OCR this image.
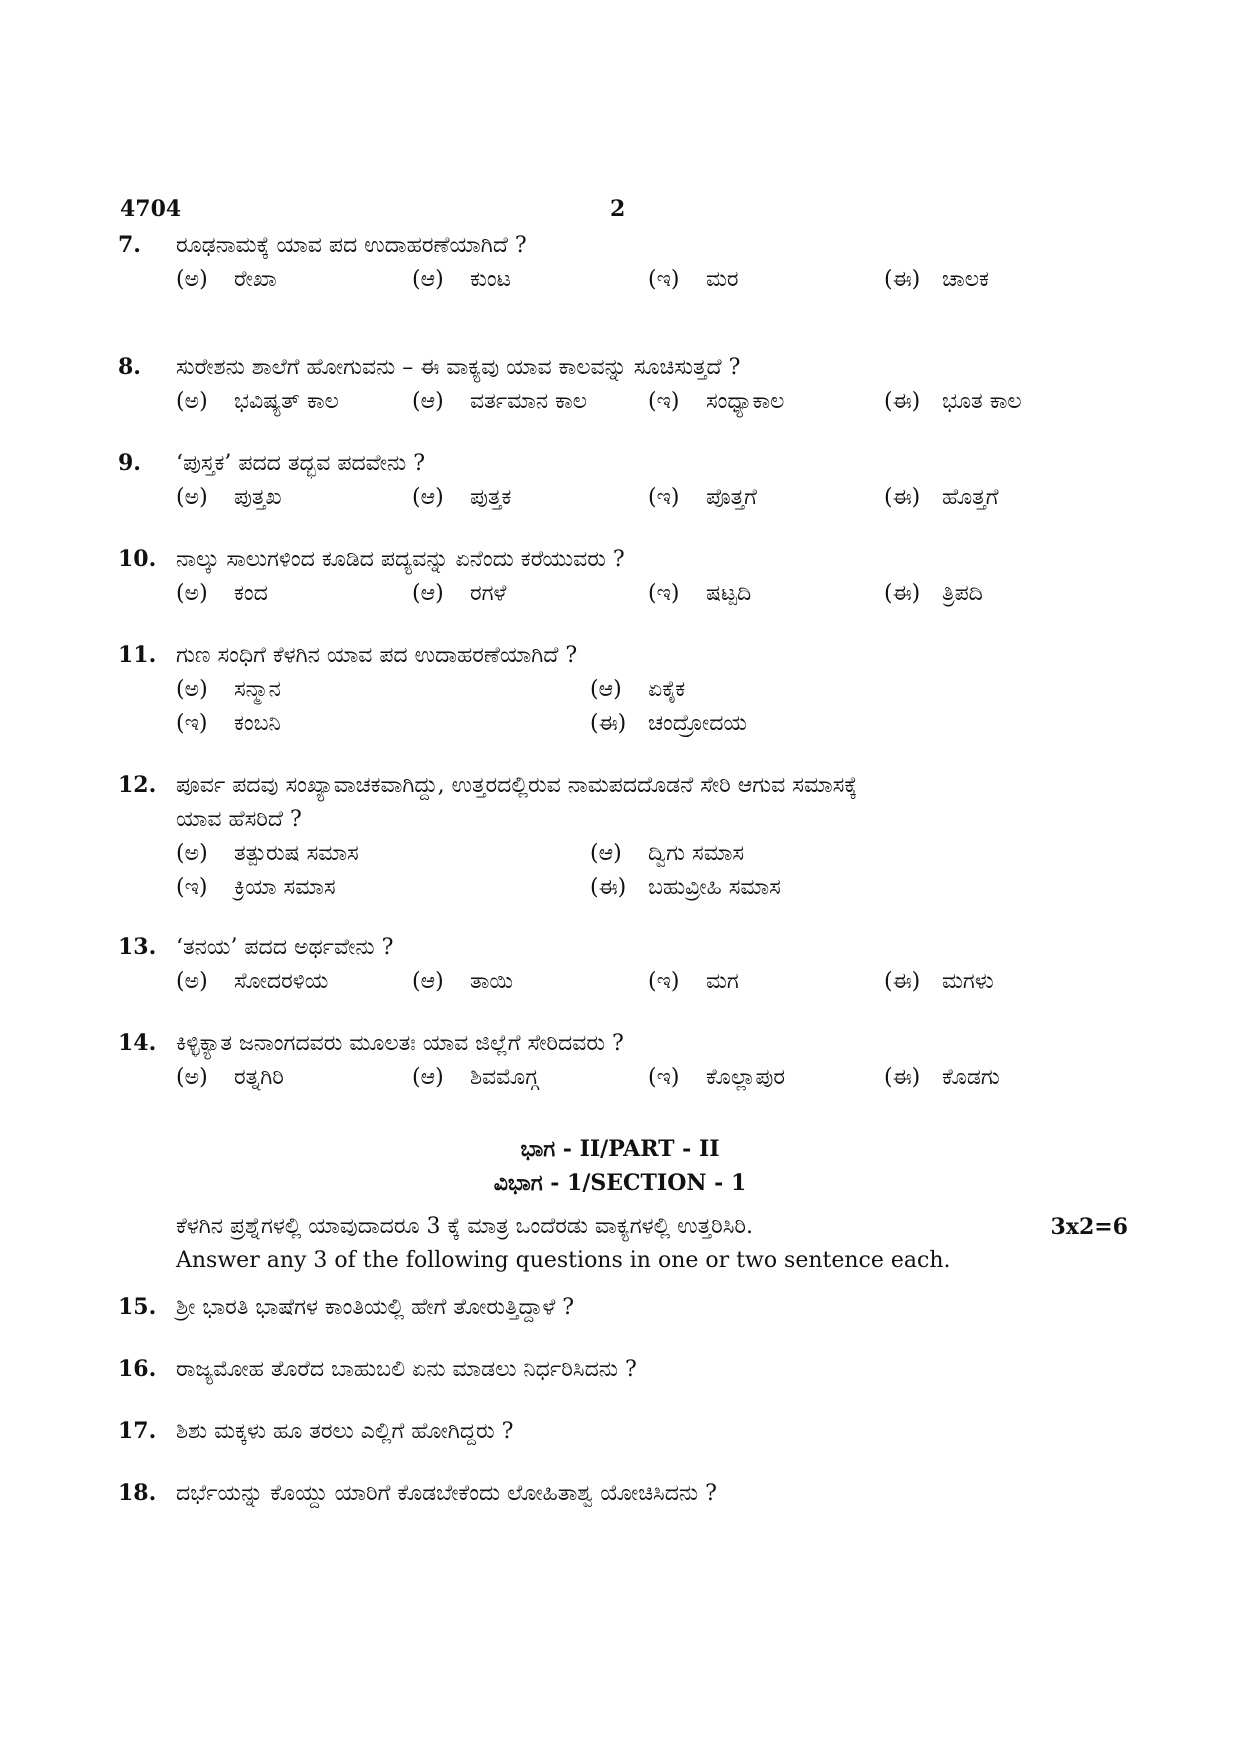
4704	2
7.	ರೂಢನಾಮಕ್ಕೆ ಯಾವ ಪದ ಉದಾಹರಣೆಯಾಗಿದೆ ?
(ಅ)	ರೇಖಾ	(ಆ)	ಕುಂಟ	(ಇ)	ಮರ	(ಈ) ಚಾಲಕ
8.	ಸುರೇಶನು ಶಾಲೆಗೆ ಹೋಗುವನು – ಈ ವಾಕ್ಯವು ಯಾವ ಕಾಲವನ್ನು ಸೂಚಿಸುತ್ತದೆ ?
(ಅ)	ಭವಿಷ್ಯತ್ ಕಾಲ	(ಆ)	ವರ್ತಮಾನ ಕಾಲ	(ಇ)	ಸಂಧ್ಯಾಕಾಲ	(ಈ) ಭೂತ ಕಾಲ
9.	‘ಪುಸ್ತಕ’ ಪದದ ತದ್ಭವ ಪದವೇನು ?
(ಅ)	ಪುತ್ತಖ	(ಆ)	ಪುತ್ತಕ	(ಇ)	ಪೊತ್ತಗೆ	(ಈ) ಹೊತ್ತಗೆ
10. ನಾಲ್ಕು ಸಾಲುಗಳಿಂದ ಕೂಡಿದ ಪದ್ಯವನ್ನು ಏನೆಂದು ಕರೆಯುವರು ?
(ಅ)	ಕಂದ	(ಆ)	ರಗಳೆ	(ಇ)	ಷಟ್ಪದಿ	(ಈ) ತ್ರಿಪದಿ
11. ಗುಣ ಸಂಧಿಗೆ ಕೆಳಗಿನ ಯಾವ ಪದ ಉದಾಹರಣೆಯಾಗಿದೆ ?
(ಅ)	ಸನ್ಮಾನ	(ಆ)	ಏಕೈಕ
(ಇ)	ಕಂಬನಿ	(ಈ) ಚಂದ್ರೋದಯ
12. ಪೂರ್ವ ಪದವು ಸಂಖ್ಯಾವಾಚಕವಾಗಿದ್ದು, ಉತ್ತರದಲ್ಲಿರುವ ನಾಮಪದದೊಡನೆ ಸೇರಿ ಆಗುವ ಸಮಾಸಕ್ಕೆ
ಯಾವ ಹೆಸರಿದೆ ?
(ಅ)	ತತ್ಪುರುಷ ಸಮಾಸ	(ಆ)	ದ್ವಿಗು ಸಮಾಸ
(ಇ)	ಕ್ರಿಯಾ ಸಮಾಸ	(ಈ) ಬಹುವ್ರೀಹಿ ಸಮಾಸ
13. ‘ತನಯ’ ಪದದ ಅರ್ಥವೇನು ?
(ಅ)	ಸೋದರಳಿಯ	(ಆ)	ತಾಯಿ	(ಇ)	ಮಗ	(ಈ) ಮಗಳು
14. ಕಿಳ್ಳಿಕ್ಯಾತ ಜನಾಂಗದವರು ಮೂಲತಃ ಯಾವ ಜಿಲ್ಲೆಗೆ ಸೇರಿದವರು ?
(ಅ)	ರತ್ನಗಿರಿ	(ಆ)	ಶಿವಮೊಗ್ಗ	(ಇ)	ಕೊಲ್ಲಾಪುರ	(ಈ) ಕೊಡಗು
ಭಾಗ - II/PART - II
ವಿಭಾಗ - 1/SECTION - 1
ಕೆಳಗಿನ ಪ್ರಶ್ನೆಗಳಲ್ಲಿ ಯಾವುದಾದರೂ 3 ಕ್ಕೆ ಮಾತ್ರ ಒಂದೆರಡು ವಾಕ್ಯಗಳಲ್ಲಿ ಉತ್ತರಿಸಿರಿ.	3x2=6
Answer any 3 of the following questions in one or two sentence each.
15. ಶ್ರೀ ಭಾರತಿ ಭಾಷೆಗಳ ಕಾಂತಿಯಲ್ಲಿ ಹೇಗೆ ತೋರುತ್ತಿದ್ದಾಳೆ ?
16. ರಾಜ್ಯಮೋಹ ತೊರೆದ ಬಾಹುಬಲಿ ಏನು ಮಾಡಲು ನಿರ್ಧರಿಸಿದನು ?
17. ಶಿಶು ಮಕ್ಕಳು ಹೂ ತರಲು ಎಲ್ಲಿಗೆ ಹೋಗಿದ್ದರು ?
18. ದರ್ಭೆಯನ್ನು ಕೊಯ್ದು ಯಾರಿಗೆ ಕೊಡಬೇಕೆಂದು ಲೋಹಿತಾಶ್ವ ಯೋಚಿಸಿದನು ?
